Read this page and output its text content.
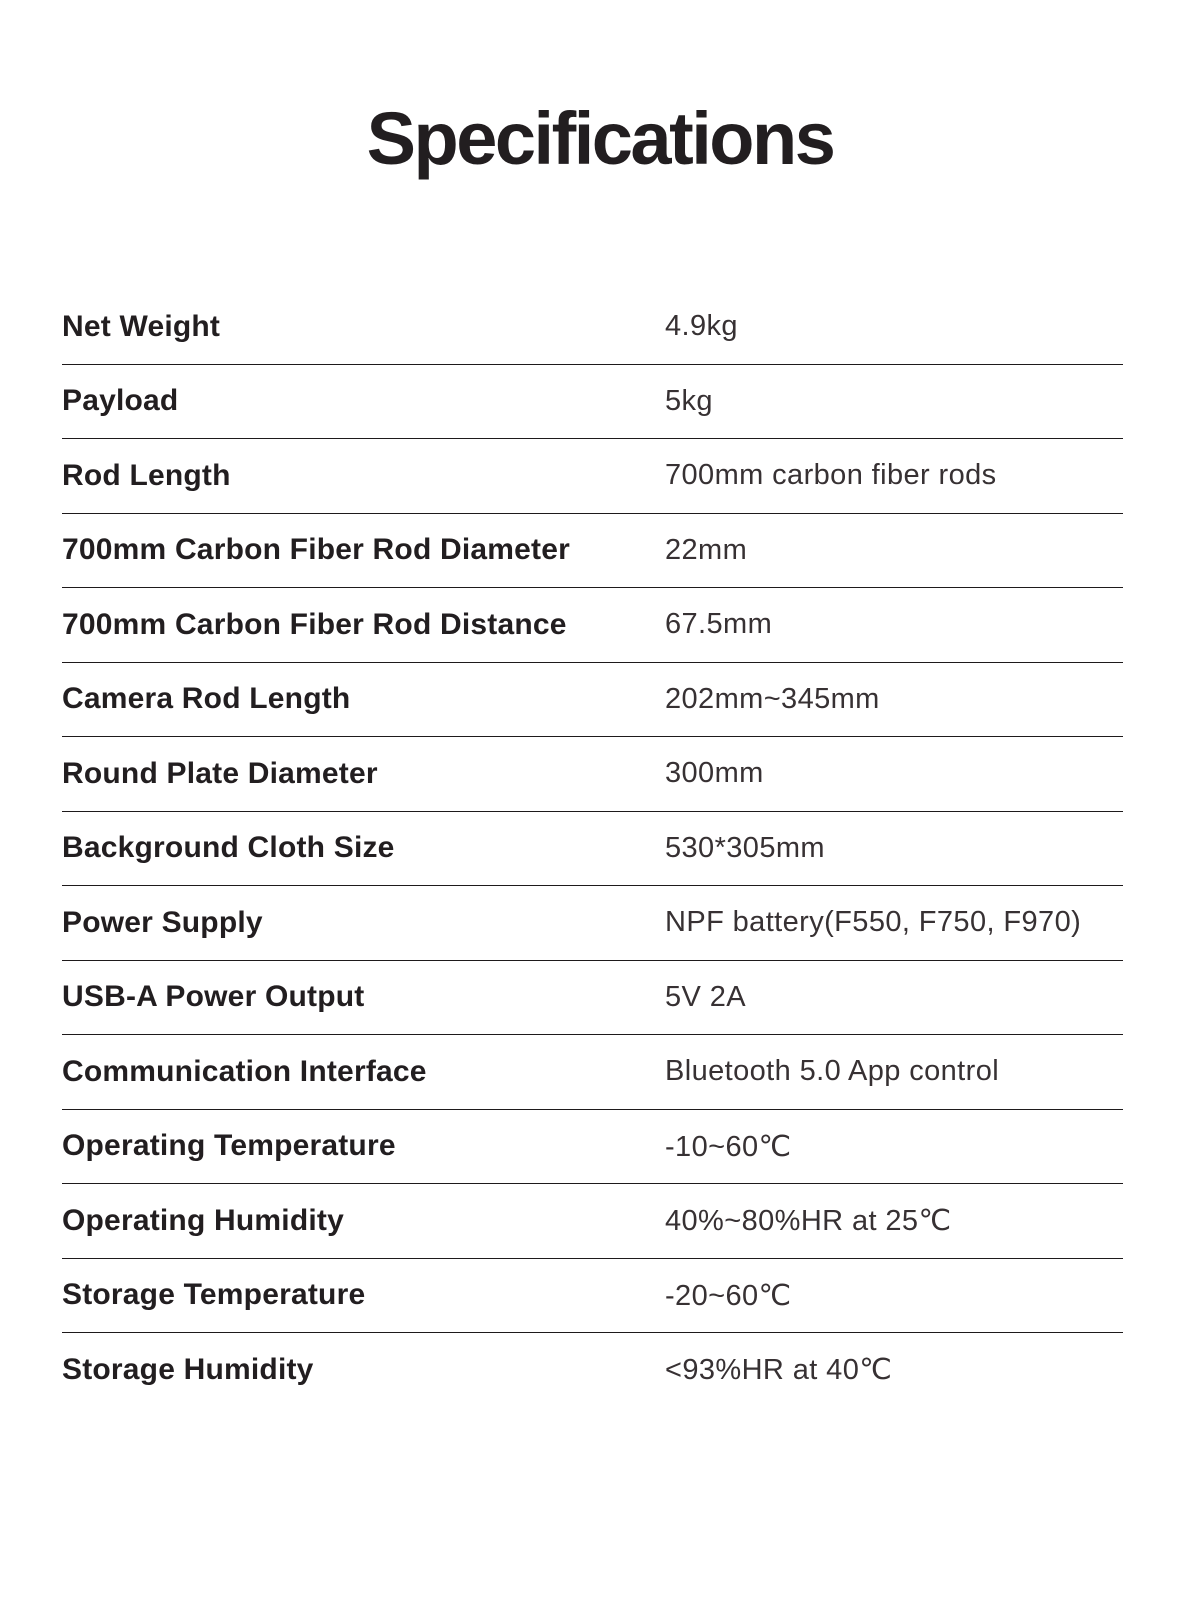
Specifications
Net Weight	4.9kg
Payload	5kg
Rod Length	700mm carbon fiber rods
700mm Carbon Fiber Rod Diameter	22mm
700mm Carbon Fiber Rod Distance	67.5mm
Camera Rod Length	202mm~345mm
Round Plate Diameter	300mm
Background Cloth Size	530*305mm
Power Supply	NPF battery(F550, F750, F970)
USB-A Power Output	5V 2A
Communication Interface	Bluetooth 5.0 App control
Operating Temperature	-10~60℃
Operating Humidity	40%~80%HR at 25℃
Storage Temperature	-20~60℃
Storage Humidity	<93%HR at 40℃
